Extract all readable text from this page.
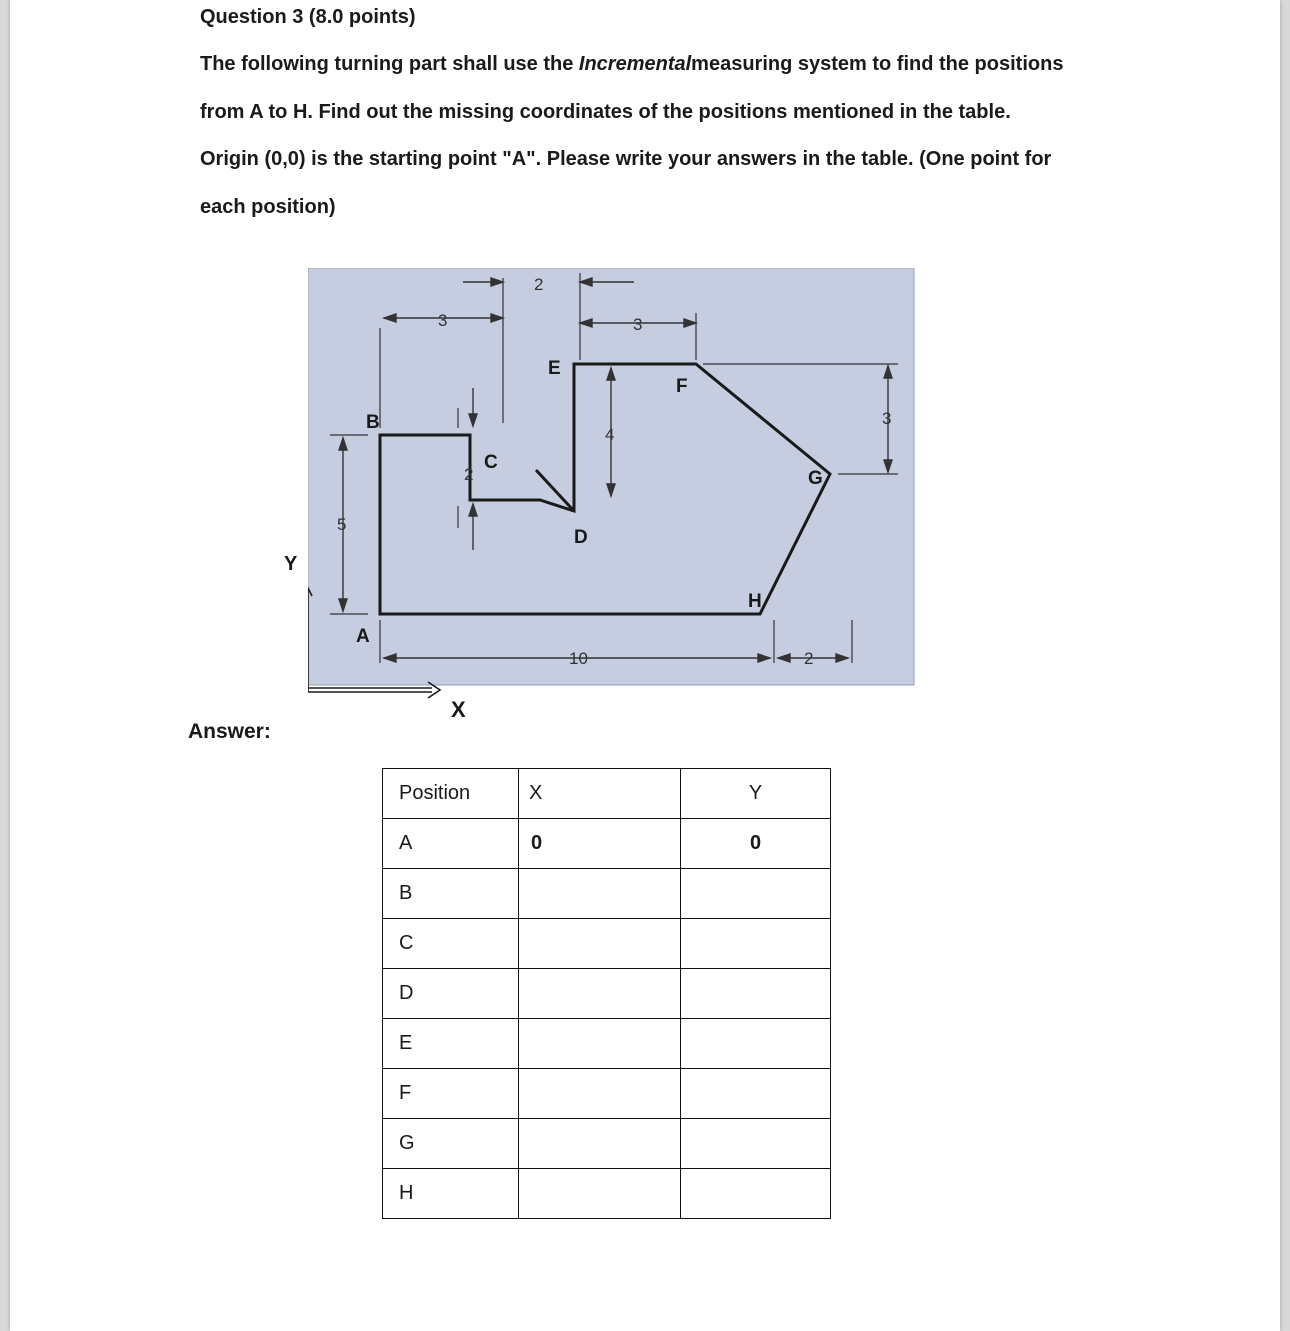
Question 3 (8.0 points)
The following turning part shall use the Incrementalmeasuring system to find the positions
from A to H. Find out the missing coordinates of the positions mentioned in the table.
Origin (0,0) is the starting point "A". Please write your answers in the table. (One point for
each position)
A
B
C
D
E
F
G
H
3
2
3
4
2
5
10	2
3
Y
X
Answer:
Position	X	Y
A	0	0
B		
C		
D		
E		
F		
G		
H		
